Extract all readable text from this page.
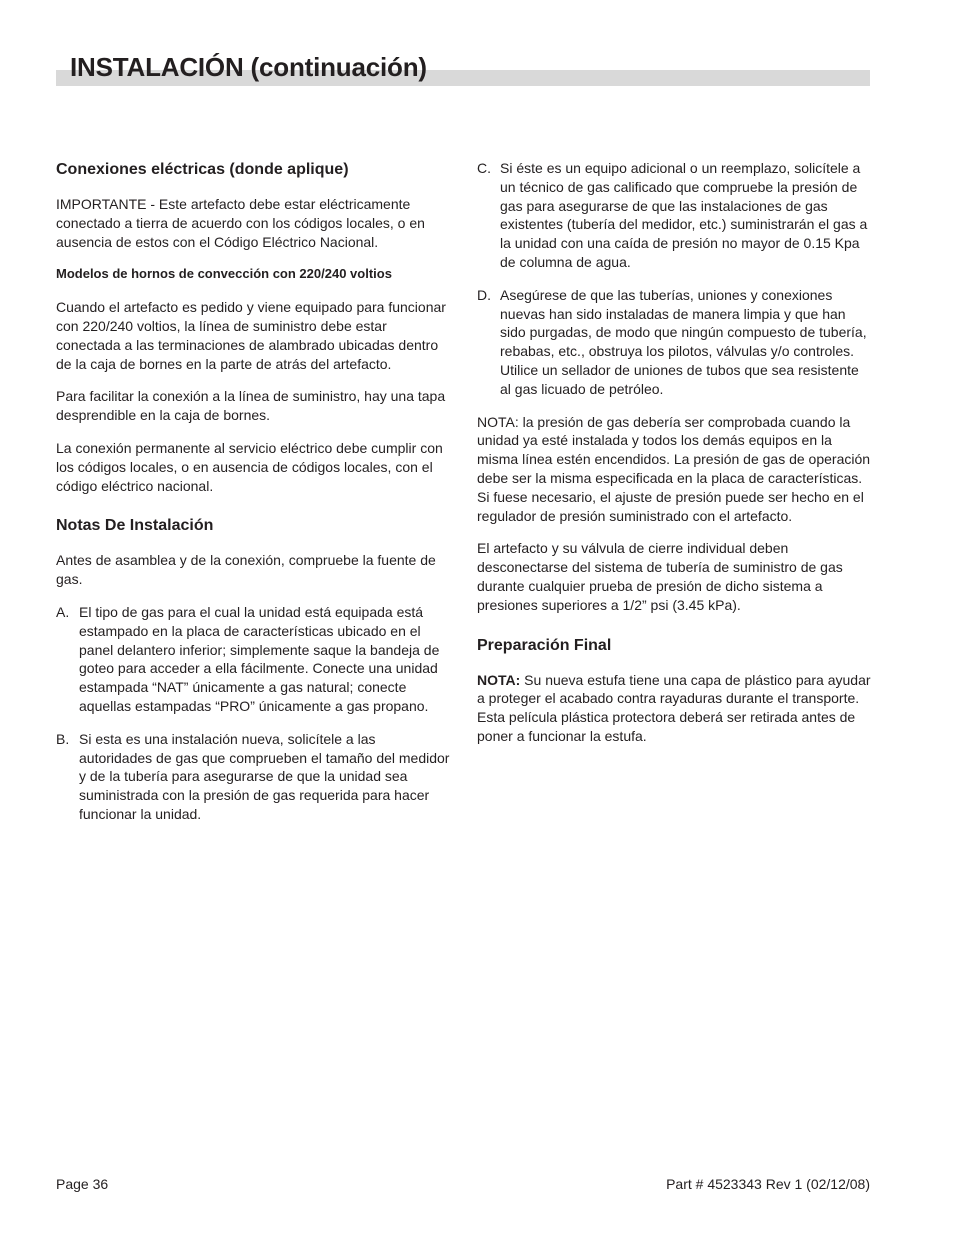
INSTALACIÓN (continuación)
Conexiones eléctricas (donde aplique)

IMPORTANTE - Este artefacto debe estar eléctricamente conectado a tierra de acuerdo con los códigos locales, o en ausencia de estos con el Código Eléctrico Nacional.

Modelos de hornos de convección con 220/240 voltios

Cuando el artefacto es pedido y viene equipado para funcionar con 220/240 voltios, la línea de suministro debe estar conectada a las terminaciones de alambrado ubicadas dentro de la caja de bornes en la parte de atrás del artefacto.

Para facilitar la conexión a la línea de suministro, hay una tapa desprendible en la caja de bornes.

La conexión permanente al servicio eléctrico debe cumplir con los códigos locales, o en ausencia de códigos locales, con el código eléctrico nacional.

Notas De Instalación

Antes de asamblea y de la conexión, compruebe la fuente de gas.

A. El tipo de gas para el cual la unidad está equipada está estampado en la placa de características ubicado en el panel delantero inferior; simplemente saque la bandeja de goteo para acceder a ella fácilmente. Conecte una unidad estampada “NAT” únicamente a gas natural; conecte aquellas estampadas “PRO” únicamente a gas propano.
B. Si esta es una instalación nueva, solicítele a las autoridades de gas que comprueben el tamaño del medidor y de la tubería para asegurarse de que la unidad sea suministrada con la presión de gas requerida para hacer funcionar la unidad.
C. Si éste es un equipo adicional o un reemplazo, solicítele a un técnico de gas calificado que compruebe la presión de gas para asegurarse de que las instalaciones de gas existentes (tubería del medidor, etc.) suministrarán el gas a la unidad con una caída de presión no mayor de 0.15 Kpa de columna de agua.
D. Asegúrese de que las tuberías, uniones y conexiones nuevas han sido instaladas de manera limpia y que han sido purgadas, de modo que ningún compuesto de tubería, rebabas, etc., obstruya los pilotos, válvulas y/o controles. Utilice un sellador de uniones de tubos que sea resistente al gas licuado de petróleo.

NOTA: la presión de gas debería ser comprobada cuando la unidad ya esté instalada y todos los demás equipos en la misma línea estén encendidos. La presión de gas de operación debe ser la misma especificada en la placa de características. Si fuese necesario, el ajuste de presión puede ser hecho en el regulador de presión suministrado con el artefacto.

El artefacto y su válvula de cierre individual deben desconectarse del sistema de tubería de suministro de gas durante cualquier prueba de presión de dicho sistema a presiones superiores a 1/2” psi (3.45 kPa).

Preparación Final

NOTA: Su nueva estufa tiene una capa de plástico para ayudar a proteger el acabado contra rayaduras durante el transporte. Esta película plástica protectora deberá ser retirada antes de poner a funcionar la estufa.

Page 36	Part # 4523343 Rev 1 (02/12/08)
